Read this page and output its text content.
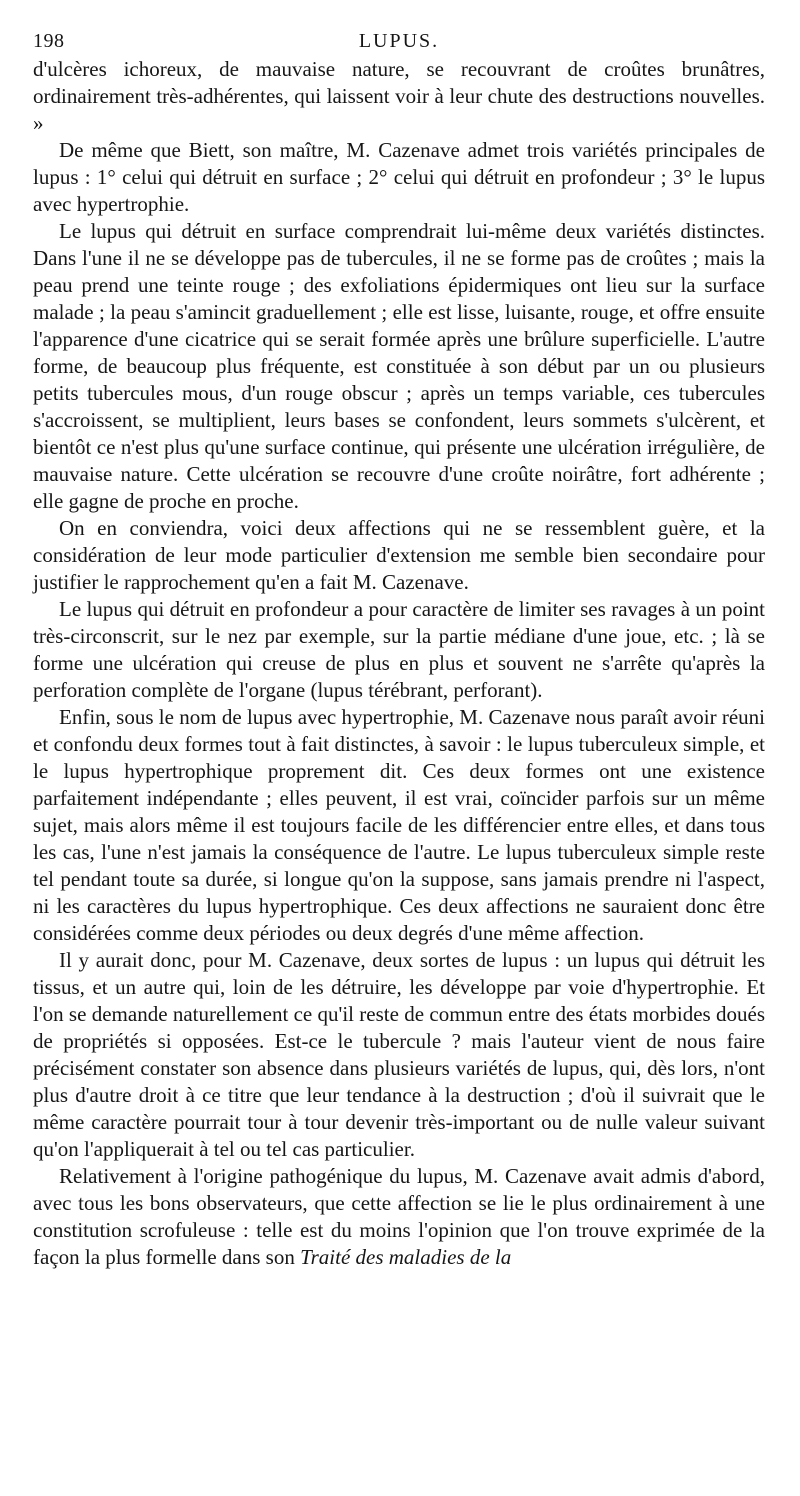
198	LUPUS.

d'ulcères ichoreux, de mauvaise nature, se recouvrant de croûtes brunâtres, ordinairement très-adhérentes, qui laissent voir à leur chute des destructions nouvelles. »

De même que Biett, son maître, M. Cazenave admet trois variétés principales de lupus : 1° celui qui détruit en surface ; 2° celui qui détruit en profondeur ; 3° le lupus avec hypertrophie.

Le lupus qui détruit en surface comprendrait lui-même deux variétés distinctes. Dans l'une il ne se développe pas de tubercules, il ne se forme pas de croûtes ; mais la peau prend une teinte rouge ; des exfoliations épidermiques ont lieu sur la surface malade ; la peau s'amincit graduellement ; elle est lisse, luisante, rouge, et offre ensuite l'apparence d'une cicatrice qui se serait formée après une brûlure superficielle. L'autre forme, de beaucoup plus fréquente, est constituée à son début par un ou plusieurs petits tubercules mous, d'un rouge obscur ; après un temps variable, ces tubercules s'accroissent, se multiplient, leurs bases se confondent, leurs sommets s'ulcèrent, et bientôt ce n'est plus qu'une surface continue, qui présente une ulcération irrégulière, de mauvaise nature. Cette ulcération se recouvre d'une croûte noirâtre, fort adhérente ; elle gagne de proche en proche.

On en conviendra, voici deux affections qui ne se ressemblent guère, et la considération de leur mode particulier d'extension me semble bien secondaire pour justifier le rapprochement qu'en a fait M. Cazenave.

Le lupus qui détruit en profondeur a pour caractère de limiter ses ravages à un point très-circonscrit, sur le nez par exemple, sur la partie médiane d'une joue, etc. ; là se forme une ulcération qui creuse de plus en plus et souvent ne s'arrête qu'après la perforation complète de l'organe (lupus térébrant, perforant).

Enfin, sous le nom de lupus avec hypertrophie, M. Cazenave nous paraît avoir réuni et confondu deux formes tout à fait distinctes, à savoir : le lupus tuberculeux simple, et le lupus hypertrophique proprement dit. Ces deux formes ont une existence parfaitement indépendante ; elles peuvent, il est vrai, coïncider parfois sur un même sujet, mais alors même il est toujours facile de les différencier entre elles, et dans tous les cas, l'une n'est jamais la conséquence de l'autre. Le lupus tuberculeux simple reste tel pendant toute sa durée, si longue qu'on la suppose, sans jamais prendre ni l'aspect, ni les caractères du lupus hypertrophique. Ces deux affections ne sauraient donc être considérées comme deux périodes ou deux degrés d'une même affection.

Il y aurait donc, pour M. Cazenave, deux sortes de lupus : un lupus qui détruit les tissus, et un autre qui, loin de les détruire, les développe par voie d'hypertrophie. Et l'on se demande naturellement ce qu'il reste de commun entre des états morbides doués de propriétés si opposées. Est-ce le tubercule ? mais l'auteur vient de nous faire précisément constater son absence dans plusieurs variétés de lupus, qui, dès lors, n'ont plus d'autre droit à ce titre que leur tendance à la destruction ; d'où il suivrait que le même caractère pourrait tour à tour devenir très-important ou de nulle valeur suivant qu'on l'appliquerait à tel ou tel cas particulier.

Relativement à l'origine pathogénique du lupus, M. Cazenave avait admis d'abord, avec tous les bons observateurs, que cette affection se lie le plus ordinairement à une constitution scrofuleuse : telle est du moins l'opinion que l'on trouve exprimée de la façon la plus formelle dans son Traité des maladies de la
